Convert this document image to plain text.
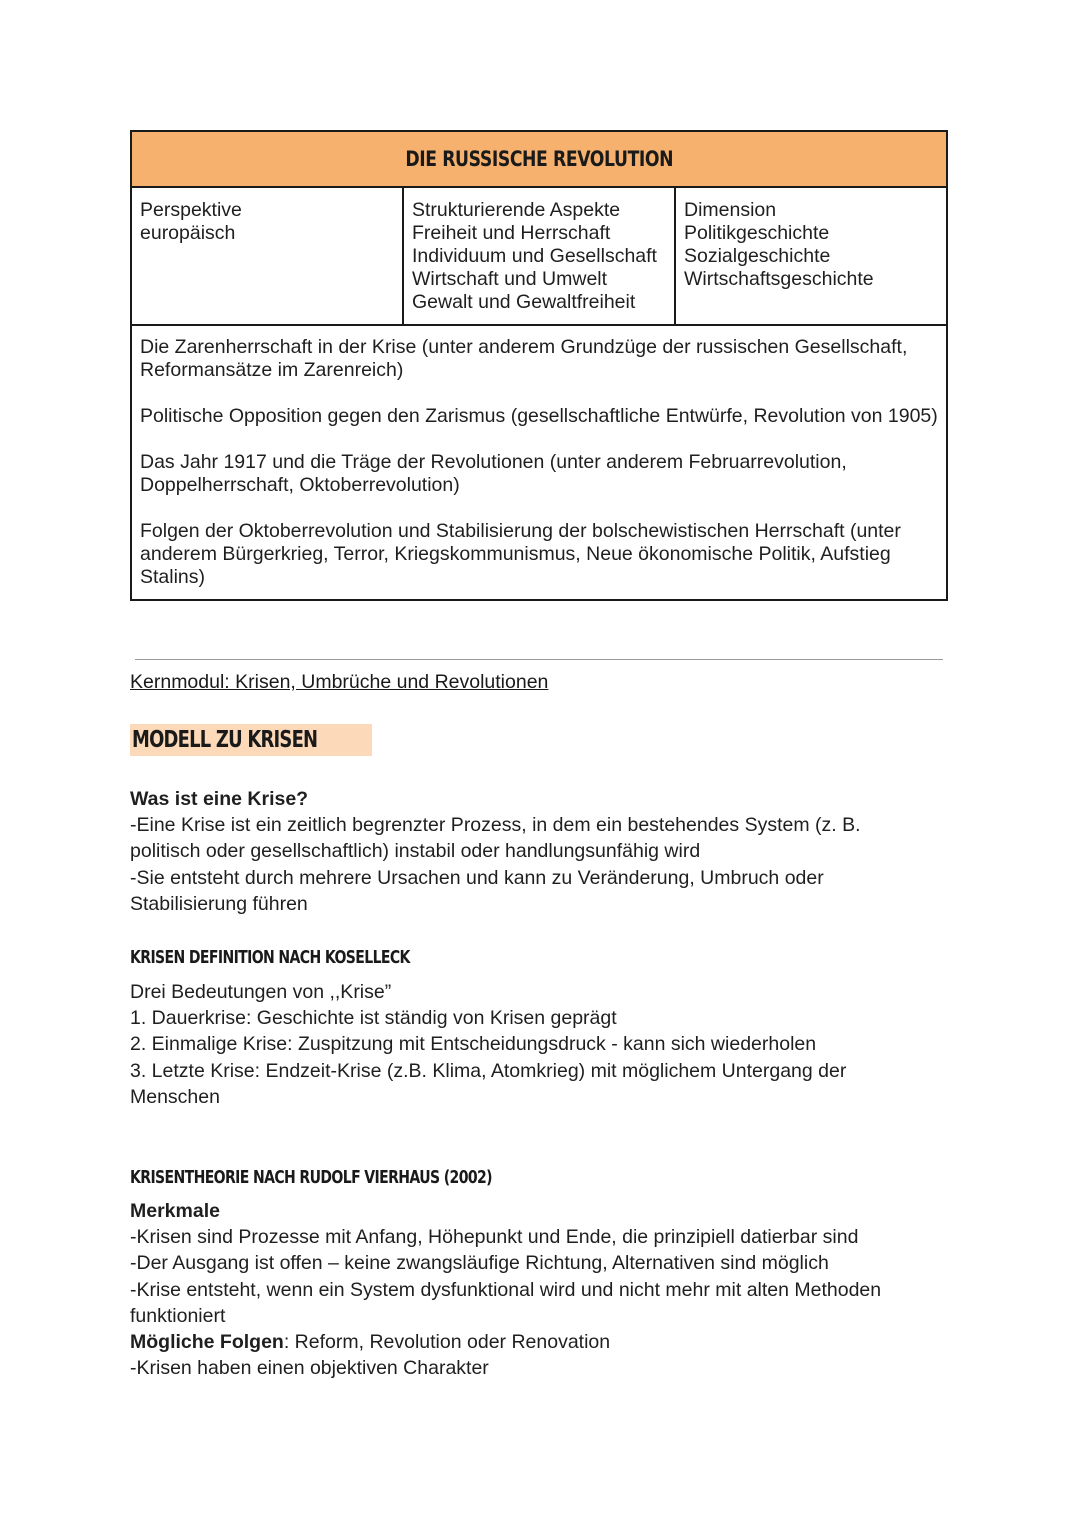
DIE RUSSISCHE REVOLUTION
Perspektive
europäisch
Strukturierende Aspekte
Freiheit und Herrschaft
Individuum und Gesellschaft
Wirtschaft und Umwelt
Gewalt und Gewaltfreiheit
Dimension
Politikgeschichte
Sozialgeschichte
Wirtschaftsgeschichte

Die Zarenherrschaft in der Krise (unter anderem Grundzüge der russischen Gesellschaft, Reformansätze im Zarenreich)

Politische Opposition gegen den Zarismus (gesellschaftliche Entwürfe, Revolution von 1905)

Das Jahr 1917 und die Träge der Revolutionen (unter anderem Februarrevolution, Doppelherrschaft, Oktoberrevolution)

Folgen der Oktoberrevolution und Stabilisierung der bolschewistischen Herrschaft (unter anderem Bürgerkrieg, Terror, Kriegskommunismus, Neue ökonomische Politik, Aufstieg Stalins)

Kernmodul: Krisen, Umbrüche und Revolutionen
MODELL ZU KRISEN
Was ist eine Krise?
-Eine Krise ist ein zeitlich begrenzter Prozess, in dem ein bestehendes System (z. B.
politisch oder gesellschaftlich) instabil oder handlungsunfähig wird
-Sie entsteht durch mehrere Ursachen und kann zu Veränderung, Umbruch oder
Stabilisierung führen
KRISEN DEFINITION NACH KOSELLECK
Drei Bedeutungen von ,,Krise”
1. Dauerkrise: Geschichte ist ständig von Krisen geprägt
2. Einmalige Krise: Zuspitzung mit Entscheidungsdruck - kann sich wiederholen
3. Letzte Krise: Endzeit-Krise (z.B. Klima, Atomkrieg) mit möglichem Untergang der
Menschen
KRISENTHEORIE NACH RUDOLF VIERHAUS (2002)
Merkmale
-Krisen sind Prozesse mit Anfang, Höhepunkt und Ende, die prinzipiell datierbar sind
-Der Ausgang ist offen – keine zwangsläufige Richtung, Alternativen sind möglich
-Krise entsteht, wenn ein System dysfunktional wird und nicht mehr mit alten Methoden
funktioniert
Mögliche Folgen: Reform, Revolution oder Renovation
-Krisen haben einen objektiven Charakter
